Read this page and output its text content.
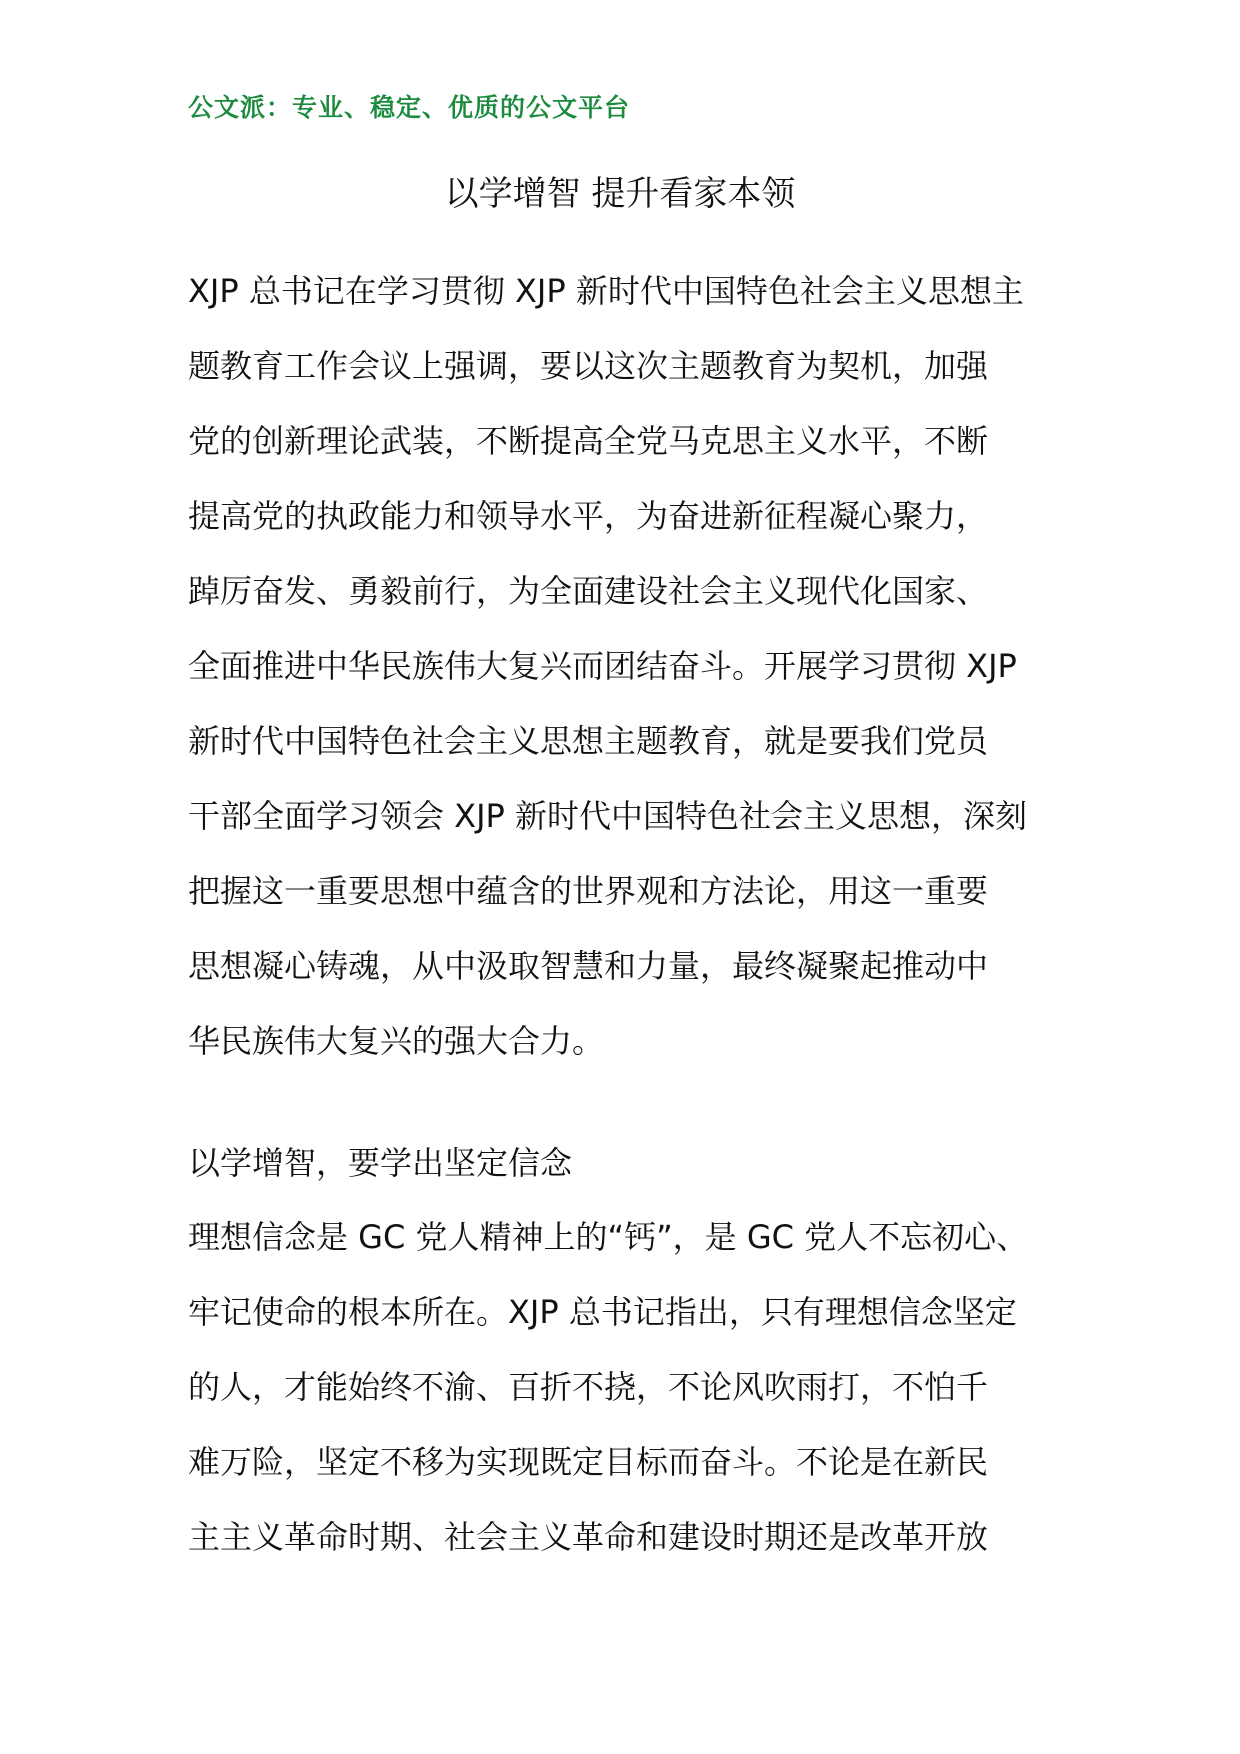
公文派：专业、稳定、优质的公文平台
以学增智 提升看家本领
XJP 总书记在学习贯彻 XJP 新时代中国特色社会主义思想主
题教育工作会议上强调，要以这次主题教育为契机，加强
党的创新理论武装，不断提高全党马克思主义水平，不断
提高党的执政能力和领导水平，为奋进新征程凝心聚力，
踔厉奋发、勇毅前行，为全面建设社会主义现代化国家、
全面推进中华民族伟大复兴而团结奋斗。开展学习贯彻 XJP
新时代中国特色社会主义思想主题教育，就是要我们党员
干部全面学习领会 XJP 新时代中国特色社会主义思想，深刻
把握这一重要思想中蕴含的世界观和方法论，用这一重要
思想凝心铸魂，从中汲取智慧和力量，最终凝聚起推动中
华民族伟大复兴的强大合力。
以学增智，要学出坚定信念
理想信念是 GC 党人精神上的“钙”，是 GC 党人不忘初心、
牢记使命的根本所在。XJP 总书记指出，只有理想信念坚定
的人，才能始终不渝、百折不挠，不论风吹雨打，不怕千
难万险，坚定不移为实现既定目标而奋斗。不论是在新民
主主义革命时期、社会主义革命和建设时期还是改革开放
